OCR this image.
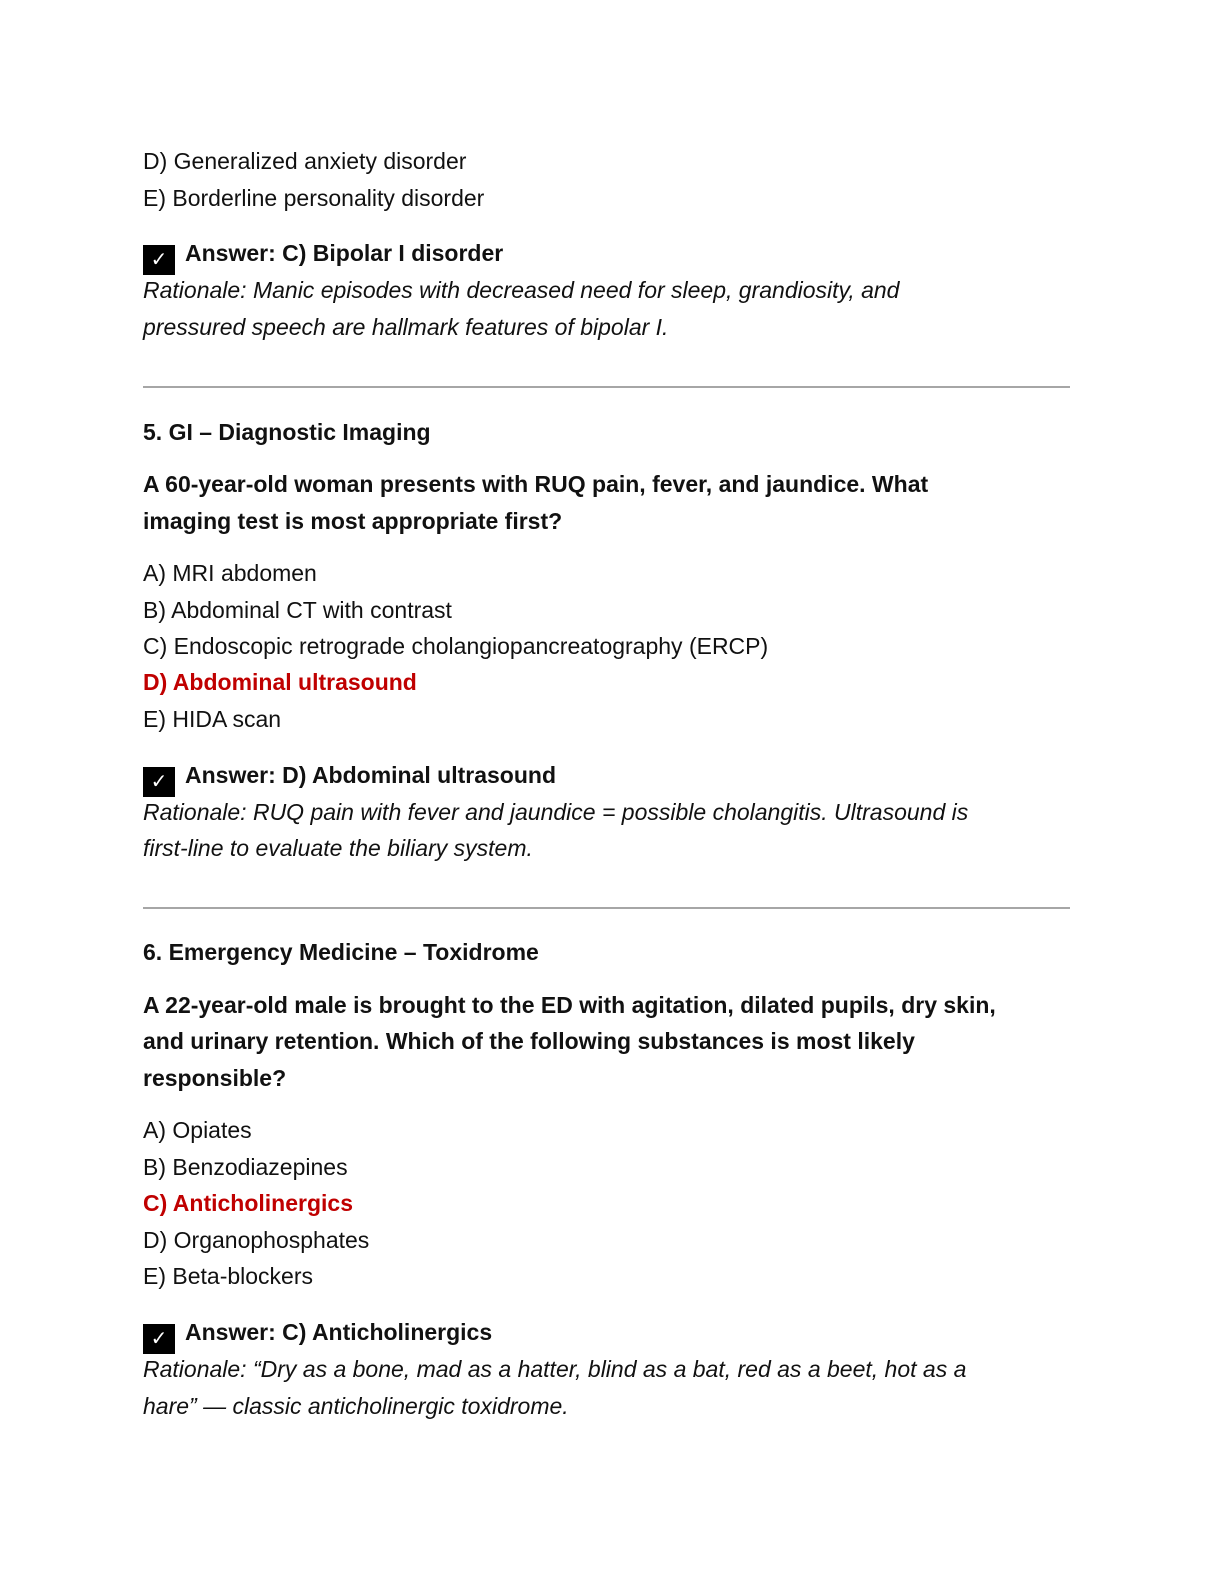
D) Generalized anxiety disorder
E) Borderline personality disorder
✓ Answer: C) Bipolar I disorder
Rationale: Manic episodes with decreased need for sleep, grandiosity, and
pressured speech are hallmark features of bipolar I.
5. GI – Diagnostic Imaging
A 60-year-old woman presents with RUQ pain, fever, and jaundice. What
imaging test is most appropriate first?
A) MRI abdomen
B) Abdominal CT with contrast
C) Endoscopic retrograde cholangiopancreatography (ERCP)
D) Abdominal ultrasound
E) HIDA scan
✓ Answer: D) Abdominal ultrasound
Rationale: RUQ pain with fever and jaundice = possible cholangitis. Ultrasound is
first-line to evaluate the biliary system.
6. Emergency Medicine – Toxidrome
A 22-year-old male is brought to the ED with agitation, dilated pupils, dry skin,
and urinary retention. Which of the following substances is most likely
responsible?
A) Opiates
B) Benzodiazepines
C) Anticholinergics
D) Organophosphates
E) Beta-blockers
✓ Answer: C) Anticholinergics
Rationale: “Dry as a bone, mad as a hatter, blind as a bat, red as a beet, hot as a
hare” — classic anticholinergic toxidrome.
